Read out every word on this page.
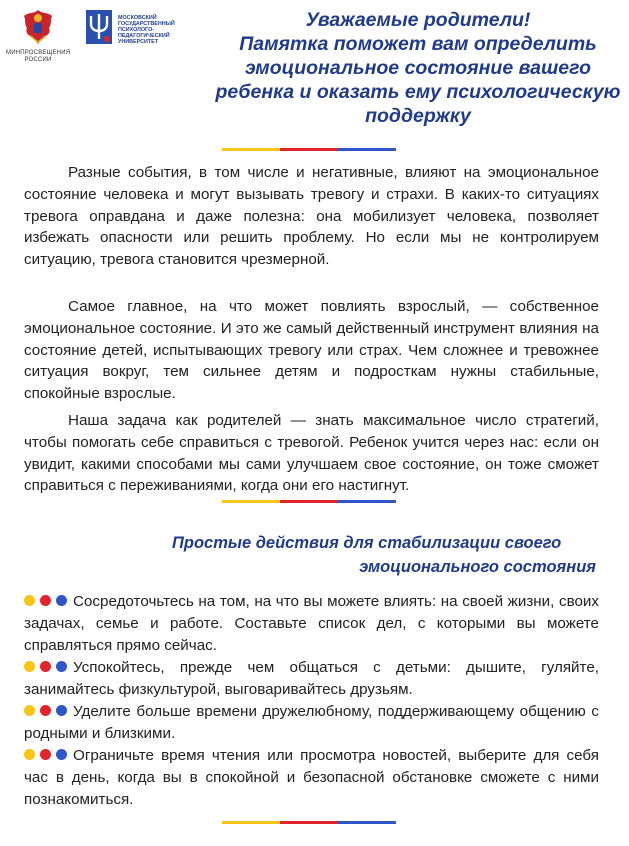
МИНПРОСВЕЩЕНИЯ РОССИИ
МОСКОВСКИЙ
ГОСУДАРСТВЕННЫЙ
ПСИХОЛОГО-
ПЕДАГОГИЧЕСКИЙ
УНИВЕРСИТЕТ
Уважаемые родители!
Памятка поможет вам определить
эмоциональное состояние вашего
ребенка и оказать ему психологическую
поддержку

Разные события, в том числе и негативные, влияют на эмоциональное состояние человека и могут вызывать тревогу и страхи. В каких-то ситуациях тревога оправдана и даже полезна: она мобилизует человека, позволяет избежать опасности или решить проблему. Но если мы не контролируем ситуацию, тревога становится чрезмерной.

Самое главное, на что может повлиять взрослый, — собственное эмоциональное состояние. И это же самый действенный инструмент влияния на состояние детей, испытывающих тревогу или страх. Чем сложнее и тревожнее ситуация вокруг, тем сильнее детям и подросткам нужны стабильные, спокойные взрослые.

Наша задача как родителей — знать максимальное число стратегий, чтобы помогать себе справиться с тревогой. Ребенок учится через нас: если он увидит, какими способами мы сами улучшаем свое состояние, он тоже сможет справиться с переживаниями, когда они его настигнут.

Простые действия для стабилизации своего
эмоционального состояния
Сосредоточьтесь на том, на что вы можете влиять: на своей жизни, своих задачах, семье и работе. Составьте список дел, с которыми вы можете справляться прямо сейчас.
Успокойтесь, прежде чем общаться с детьми: дышите, гуляйте, занимайтесь физкультурой, выговаривайтесь друзьям.
Уделите больше времени дружелюбному, поддерживающему общению с родными и близкими.
Ограничьте время чтения или просмотра новостей, выберите для себя час в день, когда вы в спокойной и безопасной обстановке сможете с ними познакомиться.
